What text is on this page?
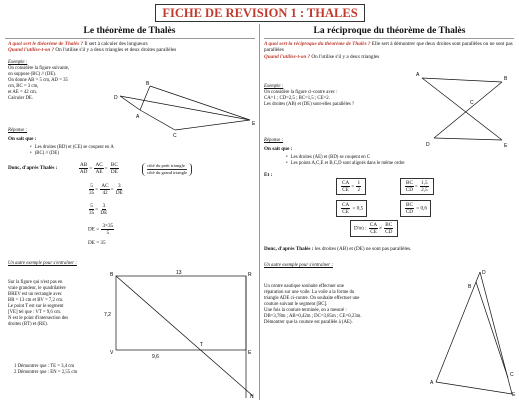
FICHE DE REVISION 1 : THALES
Le théorème de Thalès
A quoi sert le théorème de Thalès ? Il sert à calculer des longueurs
Quand l'utilise-t-on ? On l'utilise s'il y a deux triangles et deux droites parallèles
Exemple :
On considère la figure suivante,
on suppose (BC) // (DE).
On donne AB = 5 cm, AD = 35
cm, BC = 3 cm,
et AE = 42 cm.
Calculer DE.
B
D
A
C
E
Réponse :
On sait que :
• Les droites (BD) et (CE) se coupent en A
• (BC) // (DE)
Donc, d'après Thalès :	$\frac{AB}{AD} = \frac{AC}{AE} = \frac{BC}{DE}$	côté du petit triangle
côté du grand triangle
$\frac{5}{35} = \frac{AC}{42} = \frac{3}{DE}$
$\frac{5}{35} = \frac{3}{DE}$
DE = $\frac{3\times 35}{5}$
DE = 35
Un autre exemple pour s'entraîner :
Sur la figure qui n'est pas en
vraie grandeur, le quadrilatère
BREV est un rectangle avec
BR = 13 cm et BV = 7,2 cm.
Le point T est sur le segment
[VE] tel que : VT = 9,6 cm.
N est le point d'intersection des
droites (BT) et (RE).
B	R
V
T
E
N
13
7,2
9,6
1 Démontrer que : TE = 3,4 cm
2 Démontrer que : EN = 2,55 cm
La réciproque du théorème de Thalès
A quoi sert la réciproque du théorème de Thalès ? Elle sert à démontrer que deux droites sont parallèles ou ne sont pas parallèles
Quand l'utilise-t-on ? On l'utilise s'il y a deux triangles
Exemple :
On considère la figure ci-contre avec :
CA=1 ; CD=2,5 ; BC=1,5 ; CE=2.
Les droites (AB) et (DE) sont-elles parallèles ?
A
B
C
D	E
Réponse :
On sait que :
• Les droites (AE) et (BD) se coupent en C
• Les points A,C,E et B,C,D sont alignés dans le même ordre
Et :
$\frac{CA}{CE} = \frac{1}{2}$	$\frac{BC}{CD} = \frac{1,5}{2,5}$
$\frac{CA}{CE} = 0,5$	$\frac{BC}{CD} = 0,6$
D'où : $\frac{CA}{CE} \ne \frac{BC}{CD}$
Donc, d'après Thalès : les droites (AB) et (DE) ne sont pas parallèles.
Un autre exemple pour s'entraîner :
Un centre nautique souhaite effectuer une
réparation sur une voile. La voile a la forme du
triangle ADE ci-contre. On souhaite effectuer une
couture suivant le segment [BC].
Une fois la couture terminée, on a mesuré :
DB=3,78m ; AB=0,42m ; DC=3,85m ; CE=0,23m.
Démontrer que la couture est parallèle à (AE).
D
B
C
A
E
